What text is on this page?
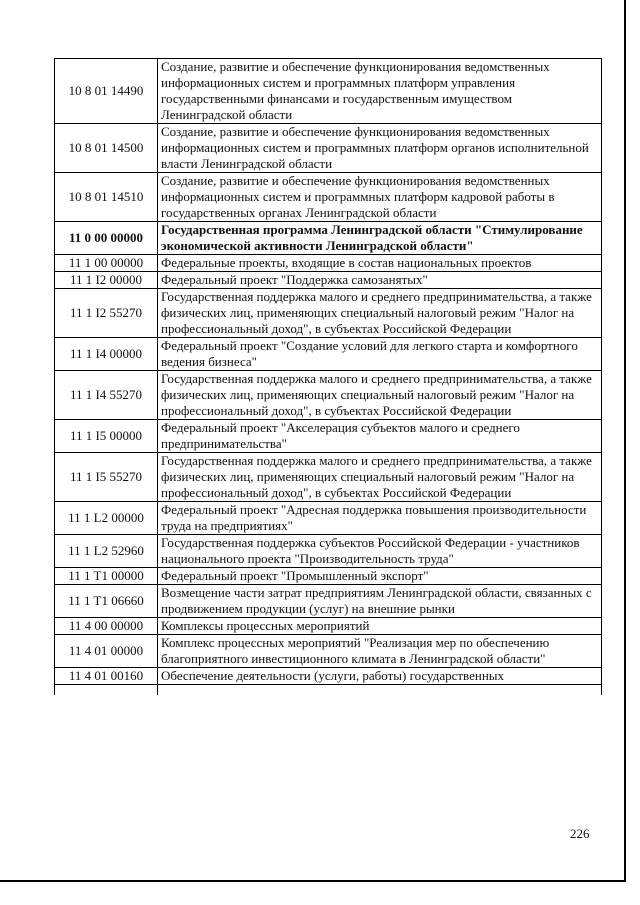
10 8 01 14490	Создание, развитие и обеспечение функционирования ведомственных информационных систем и программных платформ управления государственными финансами и государственным имуществом Ленинградской области
10 8 01 14500	Создание, развитие и обеспечение функционирования ведомственных информационных систем и программных платформ органов исполнительной власти Ленинградской области
10 8 01 14510	Создание, развитие и обеспечение функционирования ведомственных информационных систем и программных платформ кадровой работы в государственных органах Ленинградской области
11 0 00 00000	Государственная программа Ленинградской области "Стимулирование экономической активности Ленинградской области"
11 1 00 00000	Федеральные проекты, входящие в состав национальных проектов
11 1 I2 00000	Федеральный проект "Поддержка самозанятых"
11 1 I2 55270	Государственная поддержка малого и среднего предпринимательства, а также физических лиц, применяющих специальный налоговый режим "Налог на профессиональный доход", в субъектах Российской Федерации
11 1 I4 00000	Федеральный проект "Создание условий для легкого старта и комфортного ведения бизнеса"
11 1 I4 55270	Государственная поддержка малого и среднего предпринимательства, а также физических лиц, применяющих специальный налоговый режим "Налог на профессиональный доход", в субъектах Российской Федерации
11 1 I5 00000	Федеральный проект "Акселерация субъектов малого и среднего предпринимательства"
11 1 I5 55270	Государственная поддержка малого и среднего предпринимательства, а также физических лиц, применяющих специальный налоговый режим "Налог на профессиональный доход", в субъектах Российской Федерации
11 1 L2 00000	Федеральный проект "Адресная поддержка повышения производительности труда на предприятиях"
11 1 L2 52960	Государственная поддержка субъектов Российской Федерации - участников национального проекта "Производительность труда"
11 1 T1 00000	Федеральный проект "Промышленный экспорт"
11 1 T1 06660	Возмещение части затрат предприятиям Ленинградской области, связанных с продвижением продукции (услуг) на внешние рынки
11 4 00 00000	Комплексы процессных мероприятий
11 4 01 00000	Комплекс процессных мероприятий "Реализация мер по обеспечению благоприятного инвестиционного климата в Ленинградской области"
11 4 01 00160	Обеспечение деятельности (услуги, работы) государственных

226
